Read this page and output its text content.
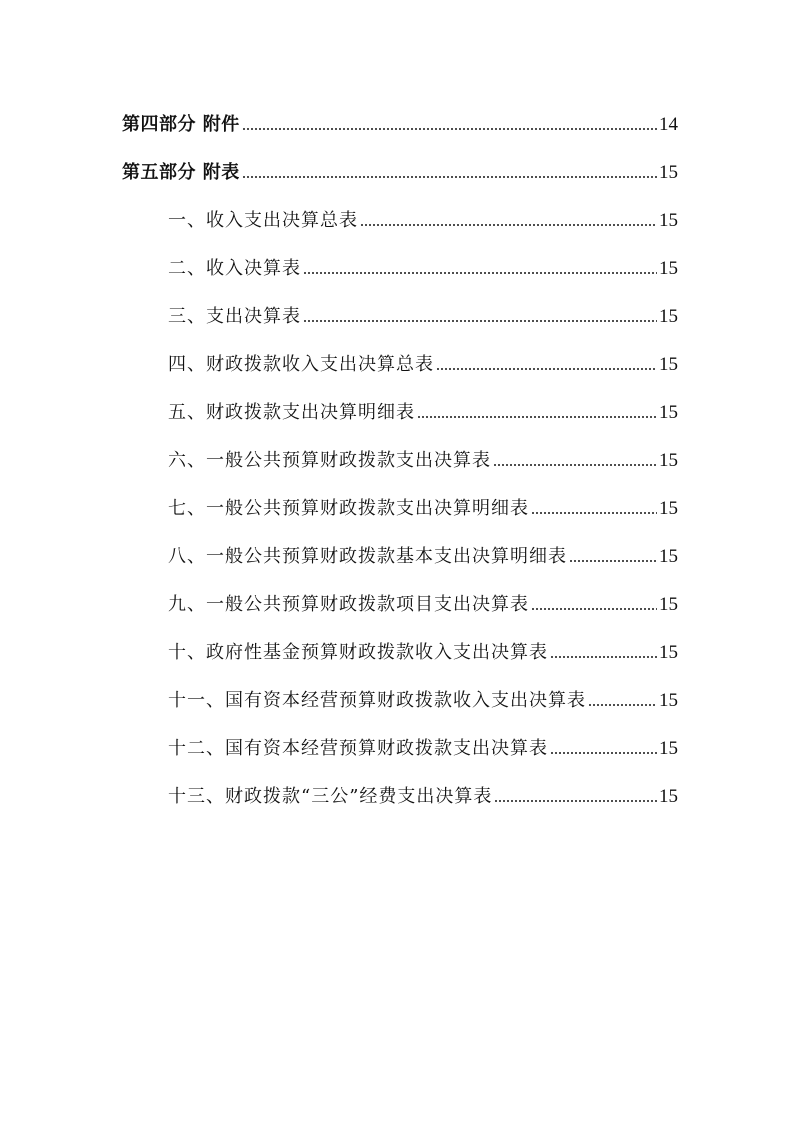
第四部分 附件	14
第五部分 附表	15
一、收入支出决算总表	15
二、收入决算表	15
三、支出决算表	15
四、财政拨款收入支出决算总表	15
五、财政拨款支出决算明细表	15
六、一般公共预算财政拨款支出决算表	15
七、一般公共预算财政拨款支出决算明细表	15
八、一般公共预算财政拨款基本支出决算明细表	15
九、一般公共预算财政拨款项目支出决算表	15
十、政府性基金预算财政拨款收入支出决算表	15
十一、国有资本经营预算财政拨款收入支出决算表	15
十二、国有资本经营预算财政拨款支出决算表	15
十三、财政拨款“三公”经费支出决算表	15
